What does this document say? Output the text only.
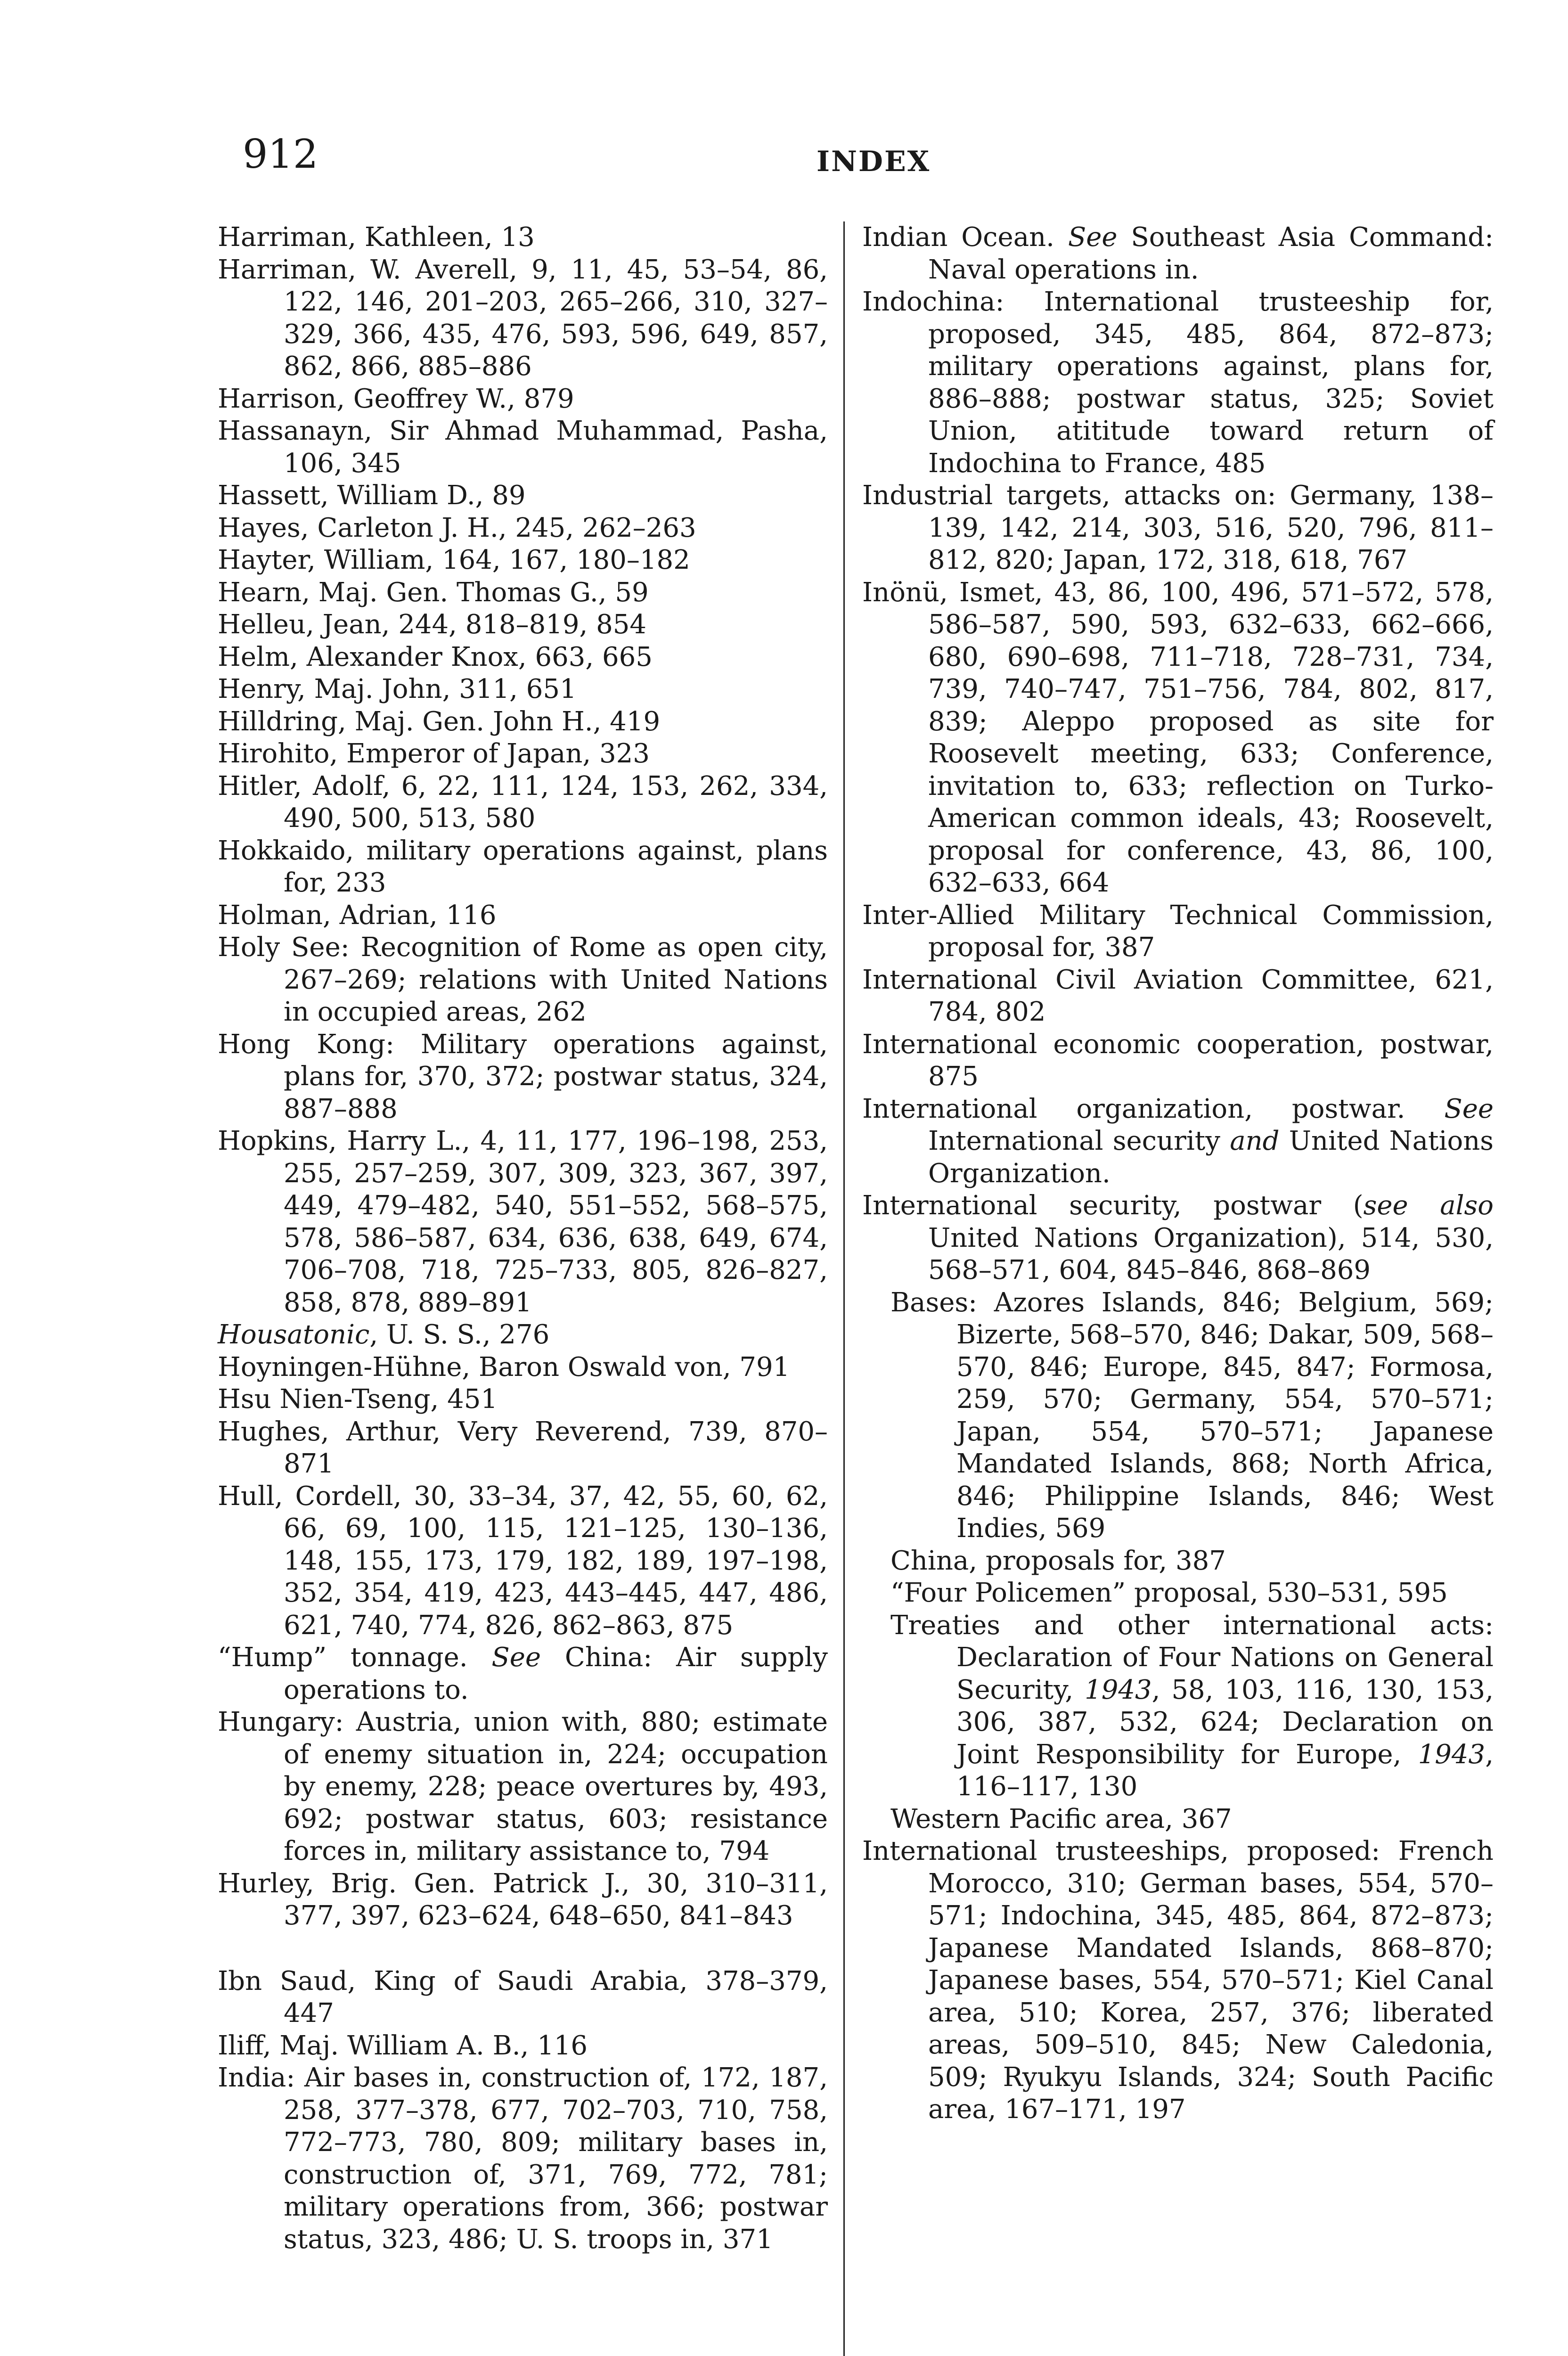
912	INDEX

Harriman, Kathleen, 13

Harriman, W. Averell, 9, 11, 45, 53–54, 86, 122, 146, 201–203, 265–266, 310, 327–329, 366, 435, 476, 593, 596, 649, 857, 862, 866, 885–886

Harrison, Geoffrey W., 879

Hassanayn, Sir Ahmad Muhammad, Pasha, 106, 345

Hassett, William D., 89

Hayes, Carleton J. H., 245, 262–263

Hayter, William, 164, 167, 180–182

Hearn, Maj. Gen. Thomas G., 59

Helleu, Jean, 244, 818–819, 854

Helm, Alexander Knox, 663, 665

Henry, Maj. John, 311, 651

Hilldring, Maj. Gen. John H., 419

Hirohito, Emperor of Japan, 323

Hitler, Adolf, 6, 22, 111, 124, 153, 262, 334, 490, 500, 513, 580

Hokkaido, military operations against, plans for, 233

Holman, Adrian, 116

Holy See: Recognition of Rome as open city, 267–269; relations with United Nations in occupied areas, 262

Hong Kong: Military operations against, plans for, 370, 372; postwar status, 324, 887–888

Hopkins, Harry L., 4, 11, 177, 196–198, 253, 255, 257–259, 307, 309, 323, 367, 397, 449, 479–482, 540, 551–552, 568–575, 578, 586–587, 634, 636, 638, 649, 674, 706–708, 718, 725–733, 805, 826–827, 858, 878, 889–891

Housatonic, U. S. S., 276

Hoyningen-Hühne, Baron Oswald von, 791

Hsu Nien-Tseng, 451

Hughes, Arthur, Very Reverend, 739, 870–871

Hull, Cordell, 30, 33–34, 37, 42, 55, 60, 62, 66, 69, 100, 115, 121–125, 130–136, 148, 155, 173, 179, 182, 189, 197–198, 352, 354, 419, 423, 443–445, 447, 486, 621, 740, 774, 826, 862–863, 875

“Hump” tonnage. See China: Air supply operations to.

Hungary: Austria, union with, 880; estimate of enemy situation in, 224; occupation by enemy, 228; peace overtures by, 493, 692; postwar status, 603; resistance forces in, military assistance to, 794

Hurley, Brig. Gen. Patrick J., 30, 310–311, 377, 397, 623–624, 648–650, 841–843

Ibn Saud, King of Saudi Arabia, 378–379, 447

Iliff, Maj. William A. B., 116

India: Air bases in, construction of, 172, 187, 258, 377–378, 677, 702–703, 710, 758, 772–773, 780, 809; military bases in, construction of, 371, 769, 772, 781; military operations from, 366; postwar status, 323, 486; U. S. troops in, 371

Indian Ocean. See Southeast Asia Command: Naval operations in.

Indochina: International trusteeship for, proposed, 345, 485, 864, 872–873; military operations against, plans for, 886–888; postwar status, 325; Soviet Union, atititude toward return of Indochina to France, 485

Industrial targets, attacks on: Germany, 138–139, 142, 214, 303, 516, 520, 796, 811–812, 820; Japan, 172, 318, 618, 767

Inönü, Ismet, 43, 86, 100, 496, 571–572, 578, 586–587, 590, 593, 632–633, 662–666, 680, 690–698, 711–718, 728–731, 734, 739, 740–747, 751–756, 784, 802, 817, 839; Aleppo proposed as site for Roosevelt meeting, 633; Conference, invitation to, 633; reflection on Turko-American common ideals, 43; Roosevelt, proposal for conference, 43, 86, 100, 632–633, 664

Inter-Allied Military Technical Commission, proposal for, 387

International Civil Aviation Committee, 621, 784, 802

International economic cooperation, postwar, 875

International organization, postwar. See International security and United Nations Organization.

International security, postwar (see also United Nations Organization), 514, 530, 568–571, 604, 845–846, 868–869

Bases: Azores Islands, 846; Belgium, 569; Bizerte, 568–570, 846; Dakar, 509, 568–570, 846; Europe, 845, 847; Formosa, 259, 570; Germany, 554, 570–571; Japan, 554, 570–571; Japanese Mandated Islands, 868; North Africa, 846; Philippine Islands, 846; West Indies, 569

China, proposals for, 387

“Four Policemen” proposal, 530–531, 595

Treaties and other international acts: Declaration of Four Nations on General Security, 1943, 58, 103, 116, 130, 153, 306, 387, 532, 624; Declaration on Joint Responsibility for Europe, 1943, 116–117, 130

Western Pacific area, 367

International trusteeships, proposed: French Morocco, 310; German bases, 554, 570–571; Indochina, 345, 485, 864, 872–873; Japanese Mandated Islands, 868–870; Japanese bases, 554, 570–571; Kiel Canal area, 510; Korea, 257, 376; liberated areas, 509–510, 845; New Caledonia, 509; Ryukyu Islands, 324; South Pacific area, 167–171, 197
